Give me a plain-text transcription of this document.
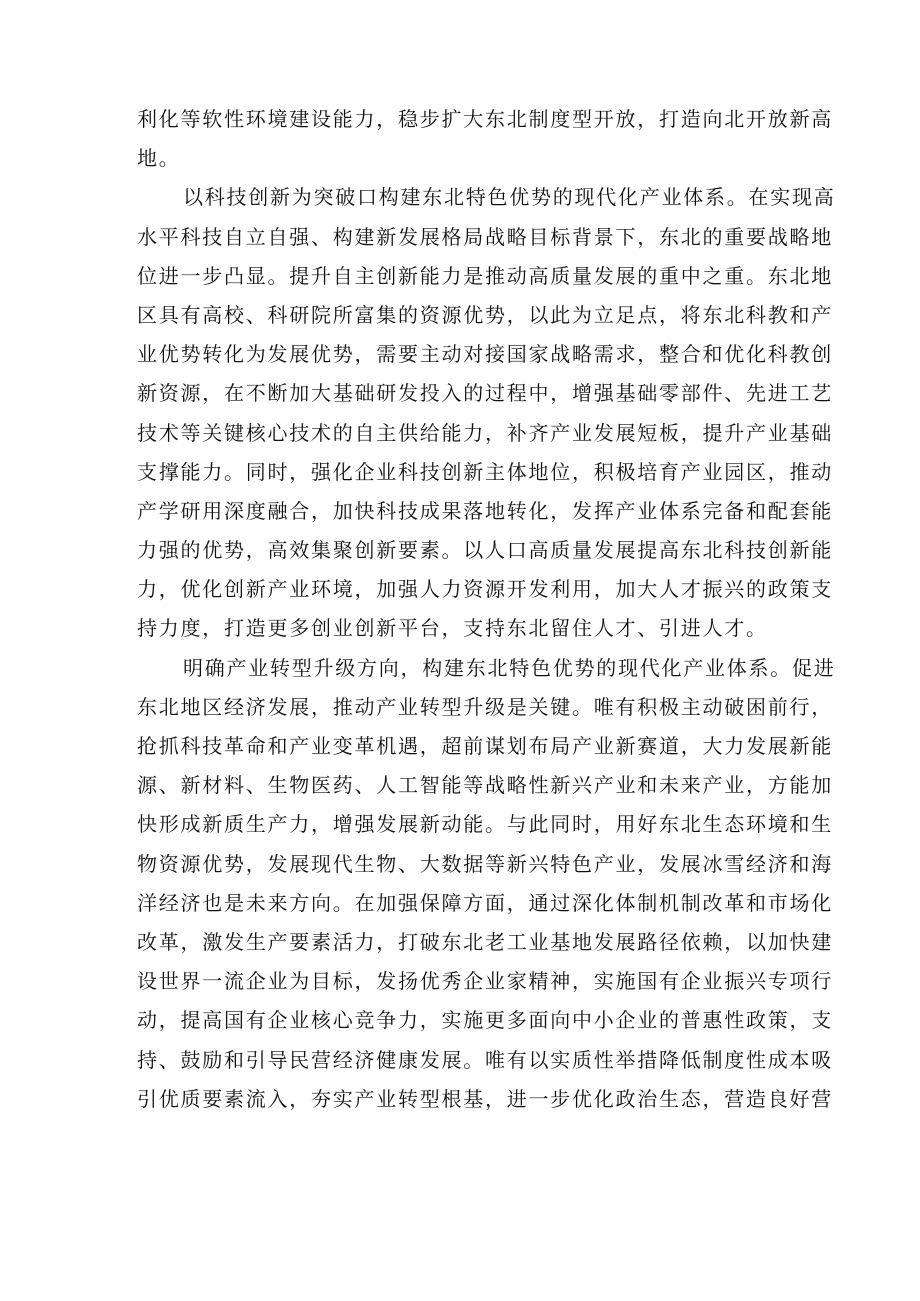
利化等软性环境建设能力，稳步扩大东北制度型开放，打造向北开放新高
地。
以科技创新为突破口构建东北特色优势的现代化产业体系。在实现高
水平科技自立自强、构建新发展格局战略目标背景下，东北的重要战略地
位进一步凸显。提升自主创新能力是推动高质量发展的重中之重。东北地
区具有高校、科研院所富集的资源优势，以此为立足点，将东北科教和产
业优势转化为发展优势，需要主动对接国家战略需求，整合和优化科教创
新资源，在不断加大基础研发投入的过程中，增强基础零部件、先进工艺
技术等关键核心技术的自主供给能力，补齐产业发展短板，提升产业基础
支撑能力。同时，强化企业科技创新主体地位，积极培育产业园区，推动
产学研用深度融合，加快科技成果落地转化，发挥产业体系完备和配套能
力强的优势，高效集聚创新要素。以人口高质量发展提高东北科技创新能
力，优化创新产业环境，加强人力资源开发利用，加大人才振兴的政策支
持力度，打造更多创业创新平台，支持东北留住人才、引进人才。
明确产业转型升级方向，构建东北特色优势的现代化产业体系。促进
东北地区经济发展，推动产业转型升级是关键。唯有积极主动破困前行，
抢抓科技革命和产业变革机遇，超前谋划布局产业新赛道，大力发展新能
源、新材料、生物医药、人工智能等战略性新兴产业和未来产业，方能加
快形成新质生产力，增强发展新动能。与此同时，用好东北生态环境和生
物资源优势，发展现代生物、大数据等新兴特色产业，发展冰雪经济和海
洋经济也是未来方向。在加强保障方面，通过深化体制机制改革和市场化
改革，激发生产要素活力，打破东北老工业基地发展路径依赖，以加快建
设世界一流企业为目标，发扬优秀企业家精神，实施国有企业振兴专项行
动，提高国有企业核心竞争力，实施更多面向中小企业的普惠性政策，支
持、鼓励和引导民营经济健康发展。唯有以实质性举措降低制度性成本吸
引优质要素流入，夯实产业转型根基，进一步优化政治生态，营造良好营
